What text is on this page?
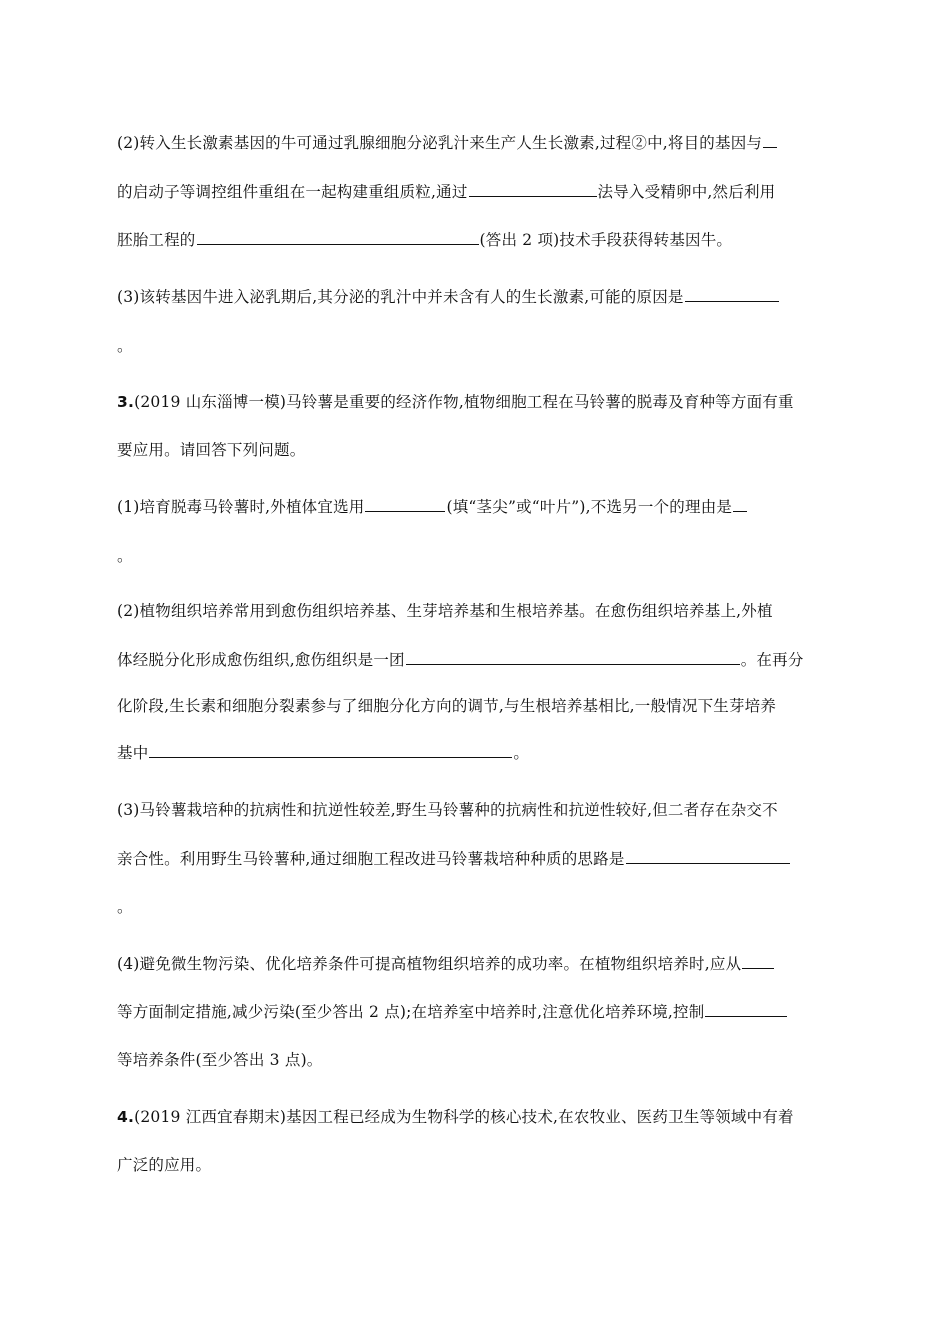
(2)转入生长激素基因的牛可通过乳腺细胞分泌乳汁来生产人生长激素,过程②中,将目的基因与
的启动子等调控组件重组在一起构建重组质粒,通过	法导入受精卵中,然后利用
胚胎工程的	(答出 2 项)技术手段获得转基因牛。
(3)该转基因牛进入泌乳期后,其分泌的乳汁中并未含有人的生长激素,可能的原因是
。
3.(2019 山东淄博一模)马铃薯是重要的经济作物,植物细胞工程在马铃薯的脱毒及育种等方面有重
要应用。请回答下列问题。
(1)培育脱毒马铃薯时,外植体宜选用	(填“茎尖”或“叶片”),不选另一个的理由是
。
(2)植物组织培养常用到愈伤组织培养基、生芽培养基和生根培养基。在愈伤组织培养基上,外植
体经脱分化形成愈伤组织,愈伤组织是一团	。在再分
化阶段,生长素和细胞分裂素参与了细胞分化方向的调节,与生根培养基相比,一般情况下生芽培养
基中	。
(3)马铃薯栽培种的抗病性和抗逆性较差,野生马铃薯种的抗病性和抗逆性较好,但二者存在杂交不
亲合性。利用野生马铃薯种,通过细胞工程改进马铃薯栽培种种质的思路是
。
(4)避免微生物污染、优化培养条件可提高植物组织培养的成功率。在植物组织培养时,应从
等方面制定措施,减少污染(至少答出 2 点);在培养室中培养时,注意优化培养环境,控制
等培养条件(至少答出 3 点)。
4.(2019 江西宜春期末)基因工程已经成为生物科学的核心技术,在农牧业、医药卫生等领域中有着
广泛的应用。
